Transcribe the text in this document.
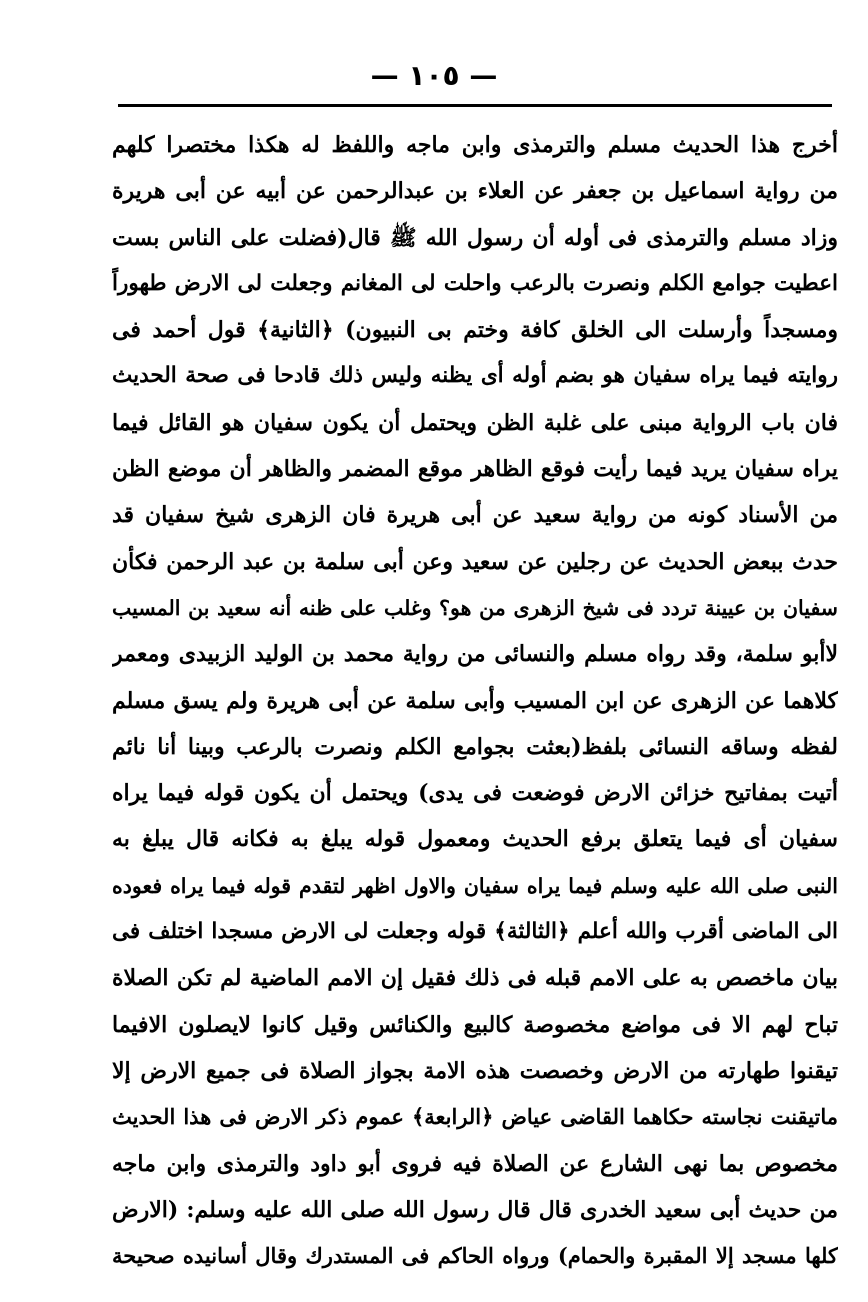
— ١٠٥ —
أخرج هذا الحديث مسلم والترمذى وابن ماجه واللفظ له هكذا مختصرا كلهم
من رواية اسماعيل بن جعفر عن العلاء بن عبدالرحمن عن أبيه عن أبى هريرة
وزاد مسلم والترمذى فى أوله أن رسول الله ﷺ قال(فضلت على الناس بست
اعطيت جوامع الكلم ونصرت بالرعب واحلت لى المغانم وجعلت لى الارض طهوراً
ومسجداً وأرسلت الى الخلق كافة وختم بى النبيون) ﴿الثانية﴾ قول أحمد فى
روايته فيما يراه سفيان هو بضم أوله أى يظنه وليس ذلك قادحا فى صحة الحديث
فان باب الرواية مبنى على غلبة الظن ويحتمل أن يكون سفيان هو القائل فيما
يراه سفيان يريد فيما رأيت فوقع الظاهر موقع المضمر والظاهر أن موضع الظن
من الأسناد كونه من رواية سعيد عن أبى هريرة فان الزهرى شيخ سفيان قد
حدث ببعض الحديث عن رجلين عن سعيد وعن أبى سلمة بن عبد الرحمن فكأن
سفيان بن عيينة تردد فى شيخ الزهرى من هو؟ وغلب على ظنه أنه سعيد بن المسيب
لاأبو سلمة، وقد رواه مسلم والنسائى من رواية محمد بن الوليد الزبيدى ومعمر
كلاهما عن الزهرى عن ابن المسيب وأبى سلمة عن أبى هريرة ولم يسق مسلم
لفظه وساقه النسائى بلفظ(بعثت بجوامع الكلم ونصرت بالرعب وبينا أنا نائم
أتيت بمفاتيح خزائن الارض فوضعت فى يدى) ويحتمل أن يكون قوله فيما يراه
سفيان أى فيما يتعلق برفع الحديث ومعمول قوله يبلغ به فكانه قال يبلغ به
النبى صلى الله عليه وسلم فيما يراه سفيان والاول اظهر لتقدم قوله فيما يراه فعوده
الى الماضى أقرب والله أعلم ﴿الثالثة﴾ قوله وجعلت لى الارض مسجدا اختلف فى
بيان ماخصص به على الامم قبله فى ذلك فقيل إن الامم الماضية لم تكن الصلاة
تباح لهم الا فى مواضع مخصوصة كالبيع والكنائس وقيل كانوا لايصلون الافيما
تيقنوا طهارته من الارض وخصصت هذه الامة بجواز الصلاة فى جميع الارض إلا
ماتيقنت نجاسته حكاهما القاضى عياض ﴿الرابعة﴾ عموم ذكر الارض فى هذا الحديث
مخصوص بما نهى الشارع عن الصلاة فيه فروى أبو داود والترمذى وابن ماجه
من حديث أبى سعيد الخدرى قال قال رسول الله صلى الله عليه وسلم: (الارض
كلها مسجد إلا المقبرة والحمام) ورواه الحاكم فى المستدرك وقال أسانيده صحيحة
